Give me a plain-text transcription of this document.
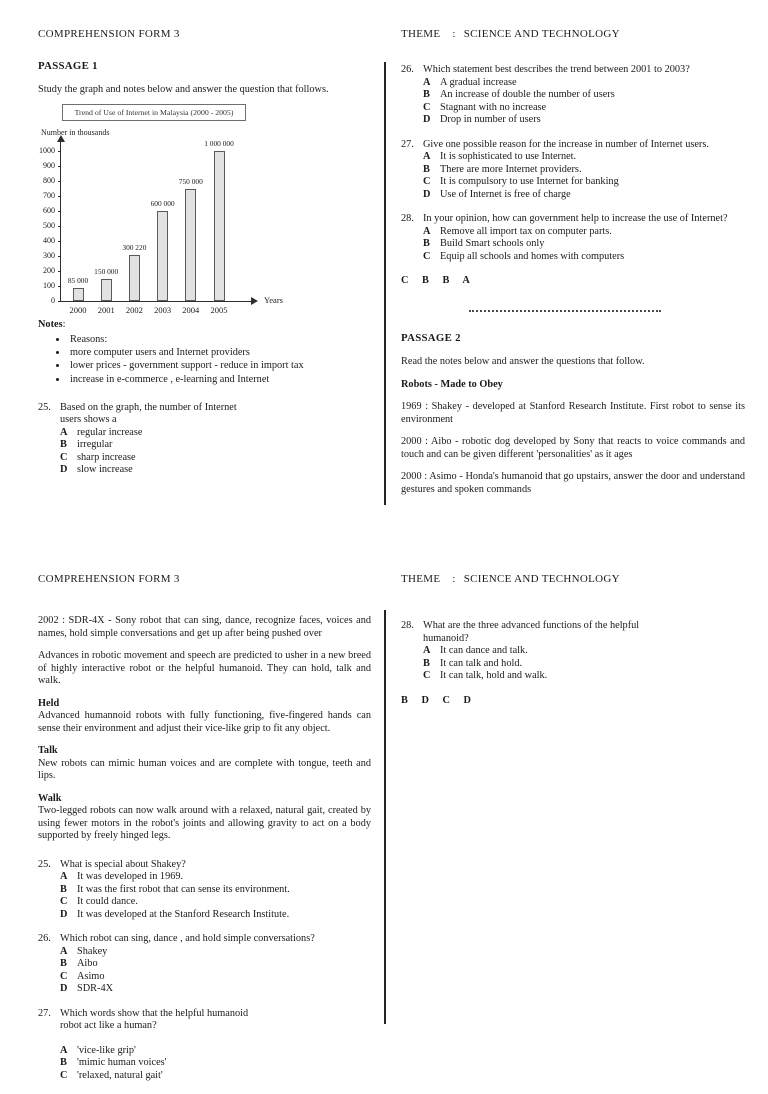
COMPREHENSION FORM 3	THEME : SCIENCE AND TECHNOLOGY
PASSAGE 1
Study the graph and notes below and answer the question that follows.
Trend of Use of Internet in Malaysia (2000 - 2005)
Number in thousands
Years
0
100
200
300
400
500
600
700
800
900
1000
85 000
2000
150 000
2001
300 220
2002
600 000
2003
750 000
2004
1 000 000
2005
Notes:
• Reasons:
• more computer users and Internet providers
• lower prices - government support - reduce in import tax
• increase in e-commerce , e-learning and Internet
25. Based on the graph, the number of Internet users shows a
A regular increase
B irregular
C sharp increase
D slow increase
26. Which statement best describes the trend between 2001 to 2003?
A A gradual increase
B An increase of double the number of users
C Stagnant with no increase
D Drop in number of users
27. Give one possible reason for the increase in number of Internet users.
A It is sophisticated to use Internet.
B There are more Internet providers.
C It is compulsory to use Internet for banking
D Use of Internet is free of charge
28. In your opinion, how can government help to increase the use of Internet?
A Remove all import tax on computer parts.
B Build Smart schools only
C Equip all schools and homes with computers
C B B A
PASSAGE 2
Read the notes below and answer the questions that follow.
Robots - Made to Obey
1969 : Shakey - developed at Stanford Research Institute. First robot to sense its environment
2000 : Aibo - robotic dog developed by Sony that reacts to voice commands and touch and can be given different 'personalities' as it ages
2000 : Asimo - Honda's humanoid that go upstairs, answer the door and understand gestures and spoken commands
COMPREHENSION FORM 3	THEME : SCIENCE AND TECHNOLOGY
2002 : SDR-4X - Sony robot that can sing, dance, recognize faces, voices and names, hold simple conversations and get up after being pushed over
Advances in robotic movement and speech are predicted to usher in a new breed of highly interactive robot or the helpful humanoid. They can hold, talk and walk.
Held
Advanced humannoid robots with fully functioning, five-fingered hands can sense their environment and adjust their vice-like grip to fit any object.
Talk
New robots can mimic human voices and are complete with tongue, teeth and lips.
Walk
Two-legged robots can now walk around with a relaxed, natural gait, created by using fewer motors in the robot's joints and allowing gravity to act on a body supported by freely hinged legs.
25. What is special about Shakey?
A It was developed in 1969.
B It was the first robot that can sense its environment.
C It could dance.
D It was developed at the Stanford Research Institute.
26. Which robot can sing, dance , and hold simple conversations?
A Shakey
B Aibo
C Asimo
D SDR-4X
27. Which words show that the helpful humanoid robot act like a human?
A 'vice-like grip'
B 'mimic human voices'
C 'relaxed, natural gait'
28. What are the three advanced functions of the helpful humanoid?
A It can dance and talk.
B It can talk and hold.
C It can talk, hold and walk.
B D C D
